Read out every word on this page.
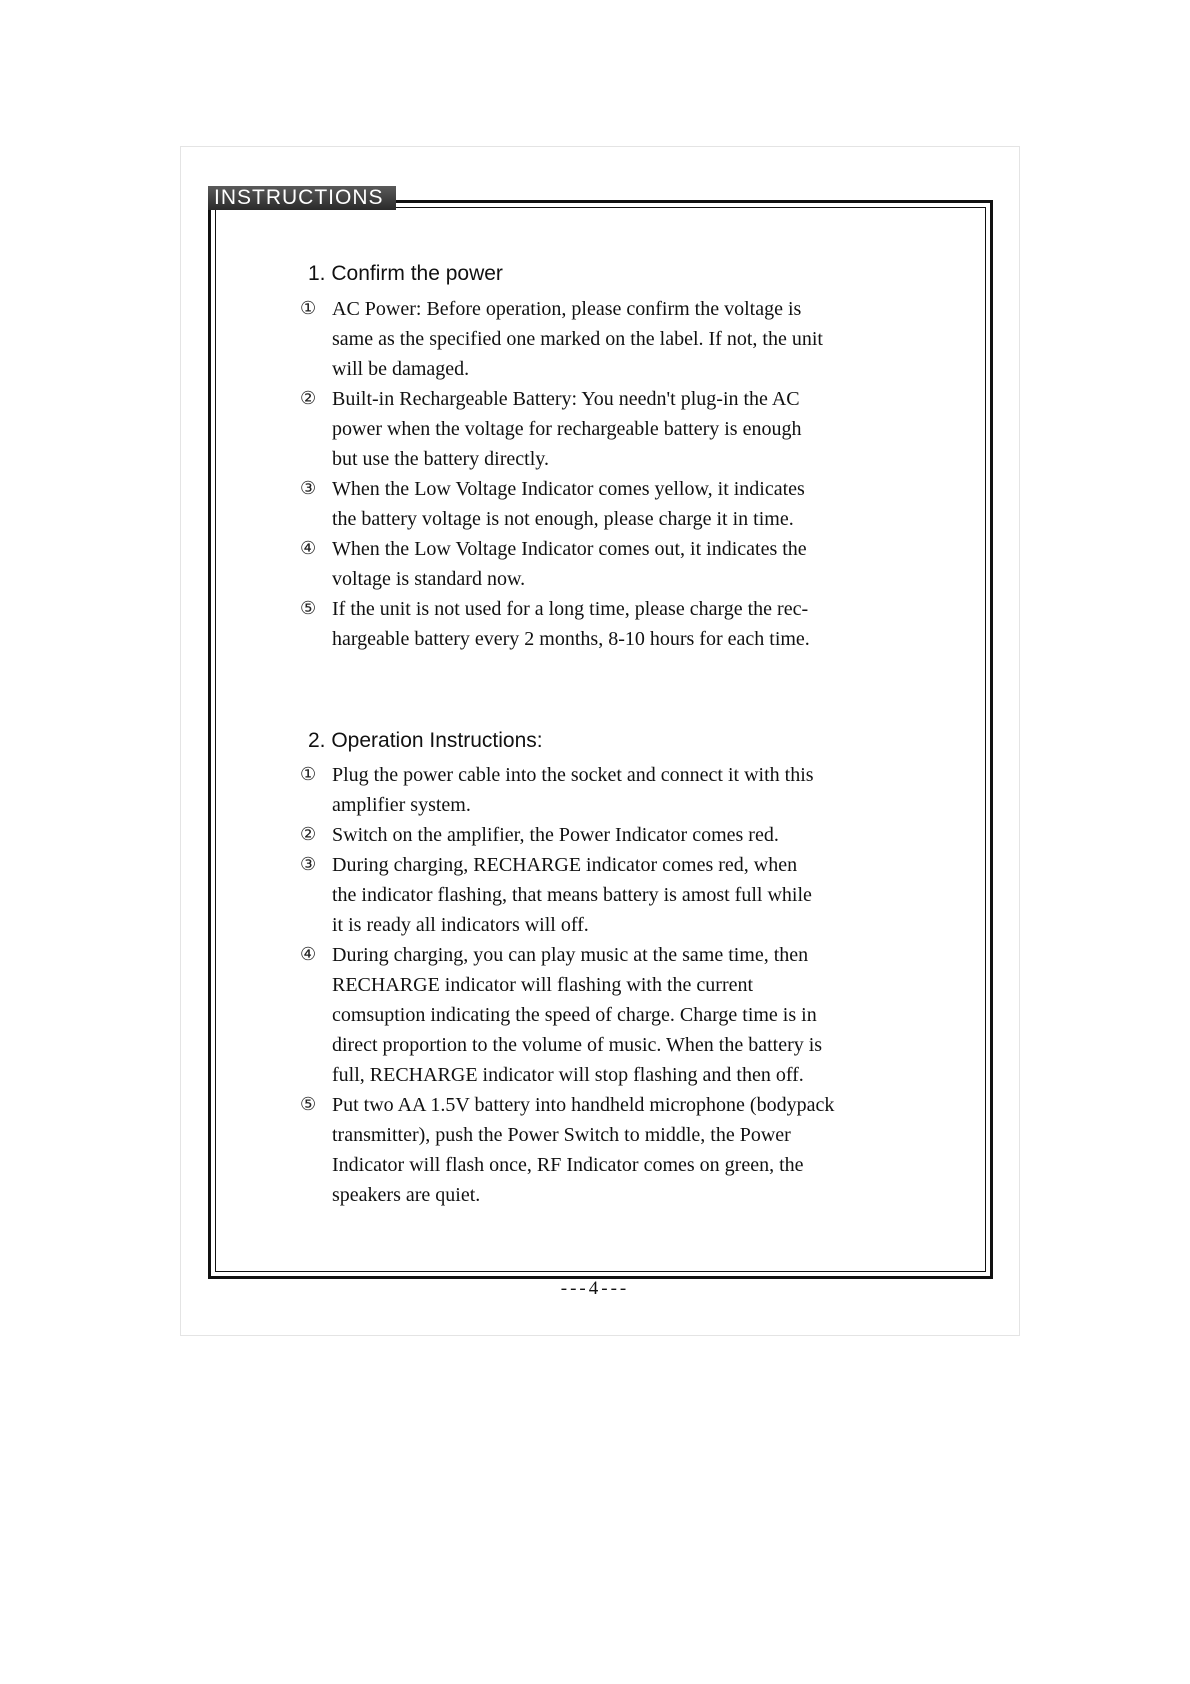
INSTRUCTIONS
1. Confirm the power
① AC Power: Before operation, please confirm the voltage is
same as the specified one marked on the label. If not, the unit
will be damaged.
② Built-in Rechargeable Battery: You needn't plug-in the AC
power when the voltage for rechargeable battery is enough
but use the battery directly.
③ When the Low Voltage Indicator comes yellow, it indicates
the battery voltage is not enough, please charge it in time.
④ When the Low Voltage Indicator comes out, it indicates the
voltage is standard now.
⑤ If the unit is not used for a long time, please charge the rec-
hargeable battery every 2 months, 8-10 hours for each time.
2. Operation Instructions:
① Plug the power cable into the socket and connect it with this
amplifier system.
② Switch on the amplifier, the Power Indicator comes red.
③ During charging, RECHARGE indicator comes red, when
the indicator flashing, that means battery is amost full while
it is ready all indicators will off.
④ During charging, you can play music at the same time, then
RECHARGE indicator will flashing with the current
comsuption indicating the speed of charge. Charge time is in
direct proportion to the volume of music. When the battery is
full, RECHARGE indicator will stop flashing and then off.
⑤ Put two AA 1.5V battery into handheld microphone (bodypack
transmitter), push the Power Switch to middle, the Power
Indicator will flash once, RF Indicator comes on green, the
speakers are quiet.
---4---
